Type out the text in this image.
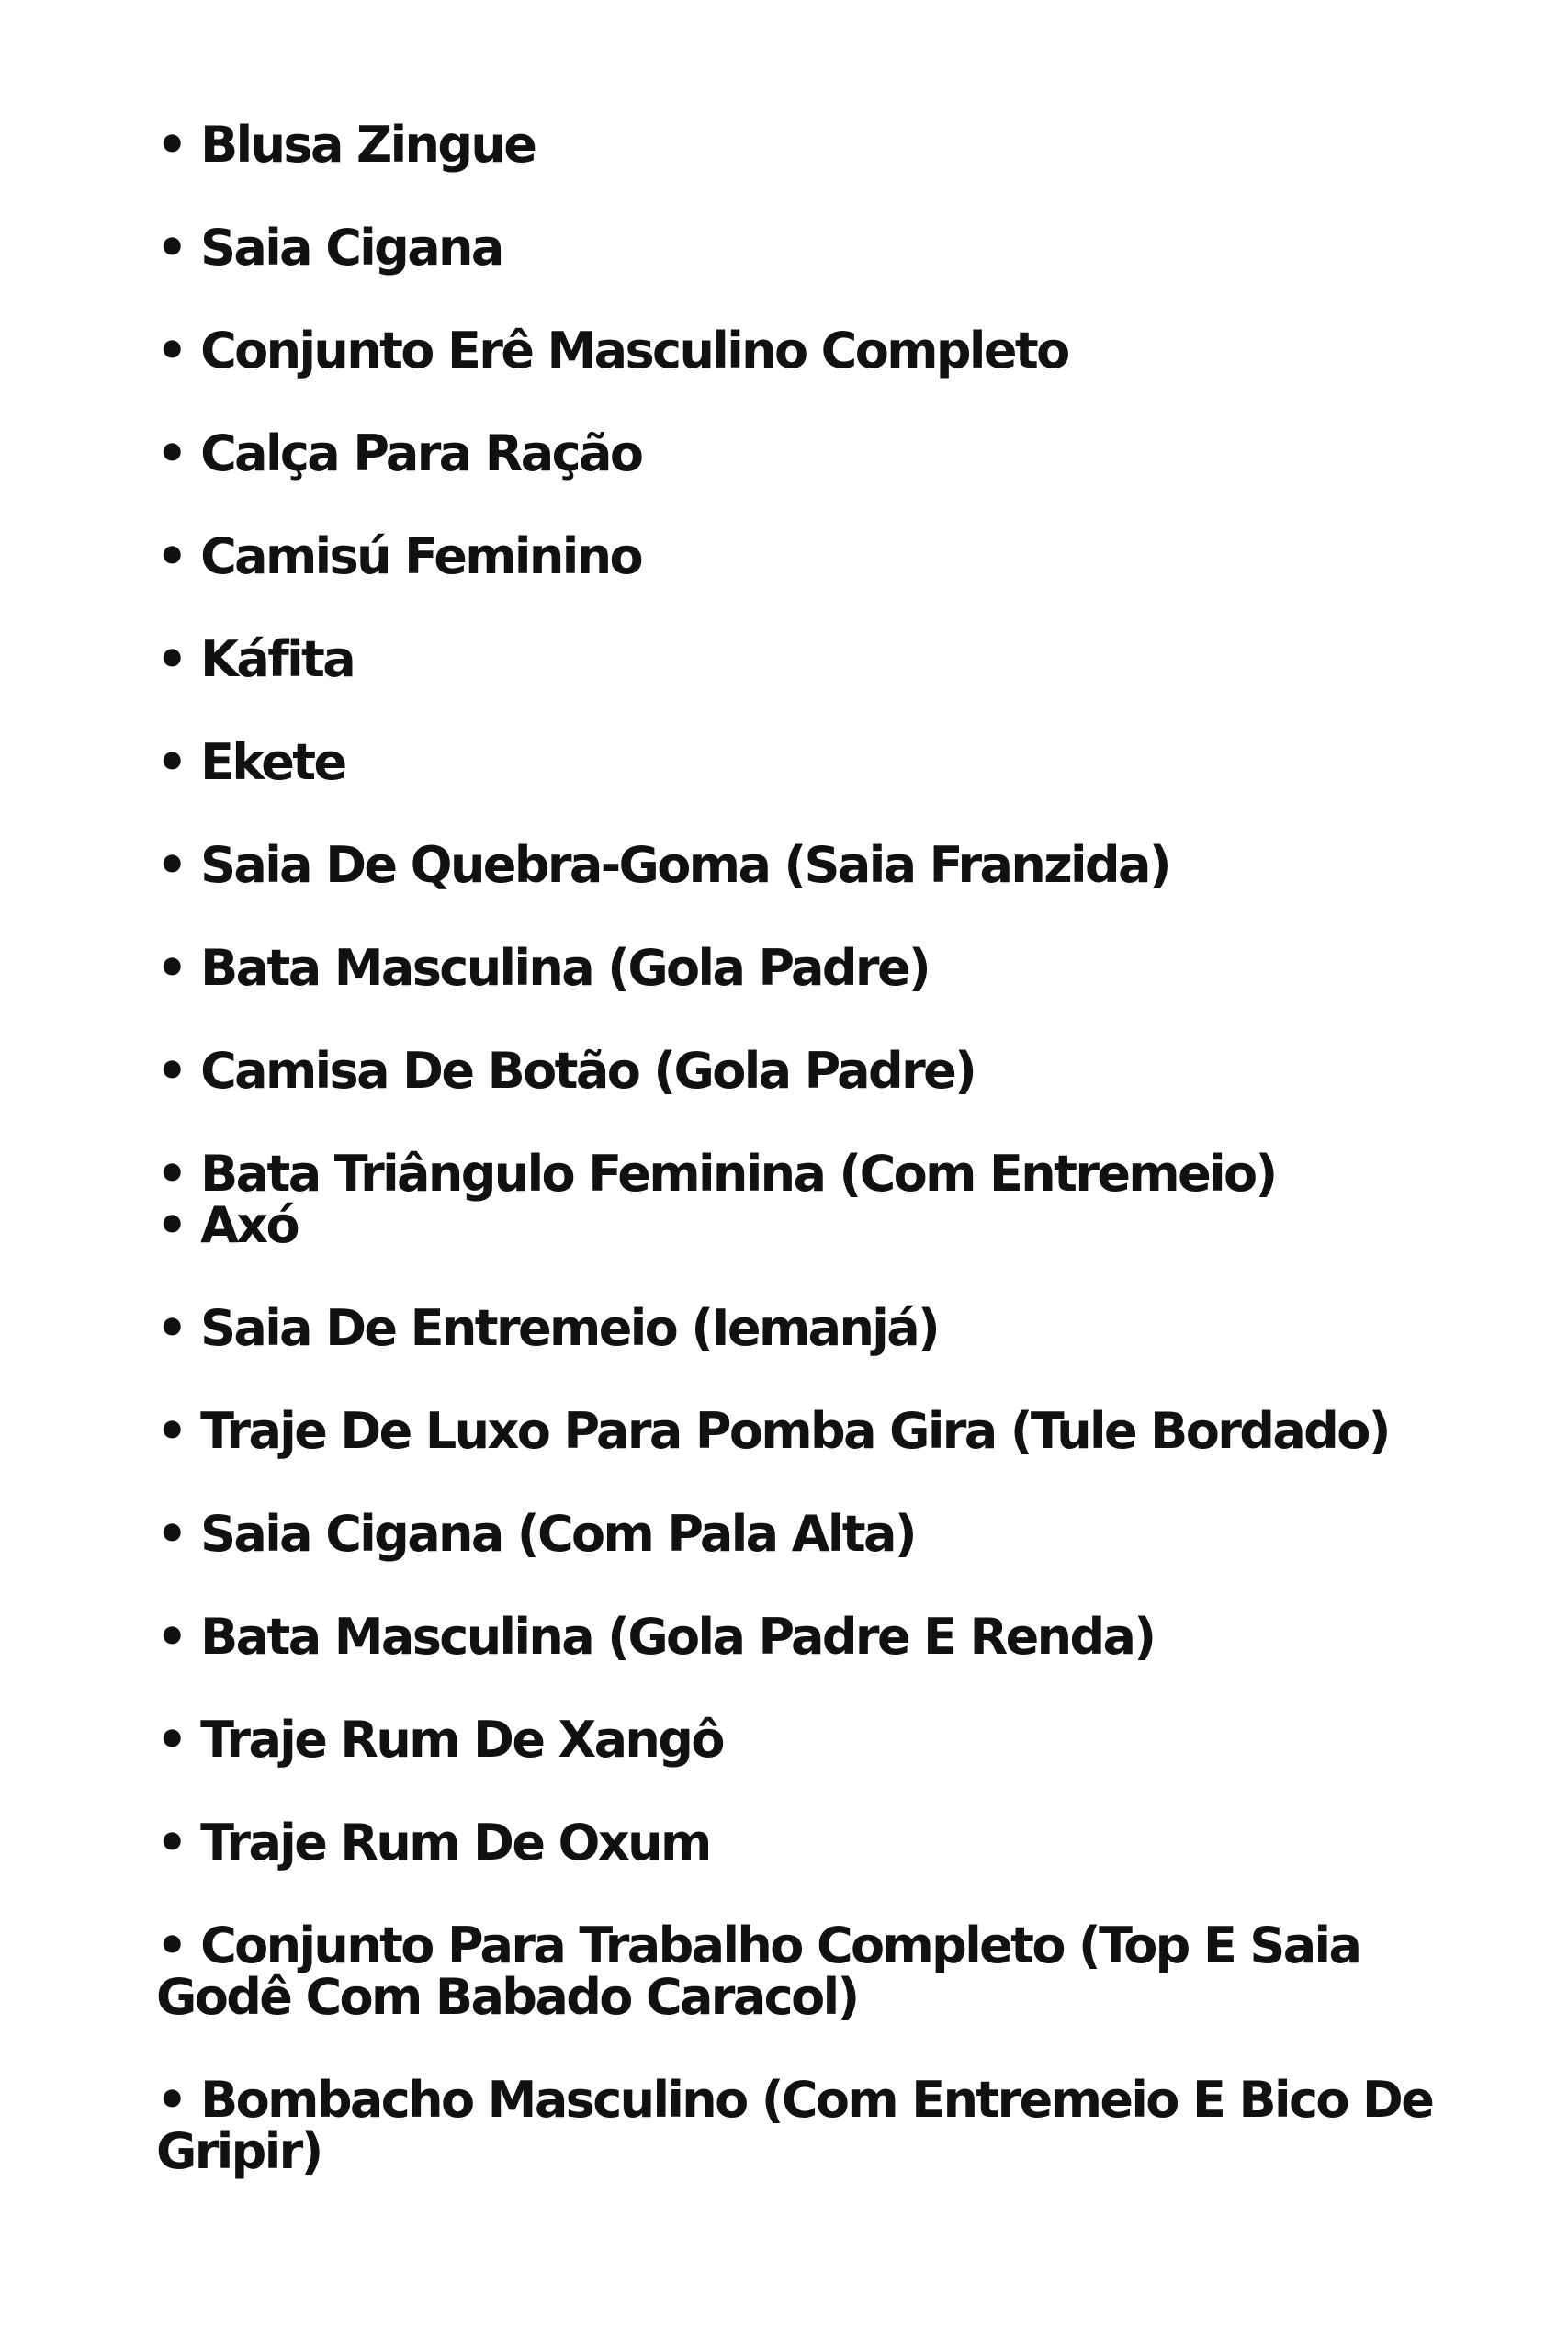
• Blusa Zingue
• Saia Cigana
• Conjunto Erê Masculino Completo
• Calça Para Ração
• Camisú Feminino
• Káfita
• Ekete
• Saia De Quebra-Goma (Saia Franzida)
• Bata Masculina (Gola Padre)
• Camisa De Botão (Gola Padre)
• Bata Triângulo Feminina (Com Entremeio)
• Axó
• Saia De Entremeio (Iemanjá)
• Traje De Luxo Para Pomba Gira (Tule Bordado)
• Saia Cigana (Com Pala Alta)
• Bata Masculina (Gola Padre E Renda)
• Traje Rum De Xangô
• Traje Rum De Oxum
• Conjunto Para Trabalho Completo (Top E Saia Godê Com Babado Caracol)
• Bombacho Masculino (Com Entremeio E Bico De Gripir)
